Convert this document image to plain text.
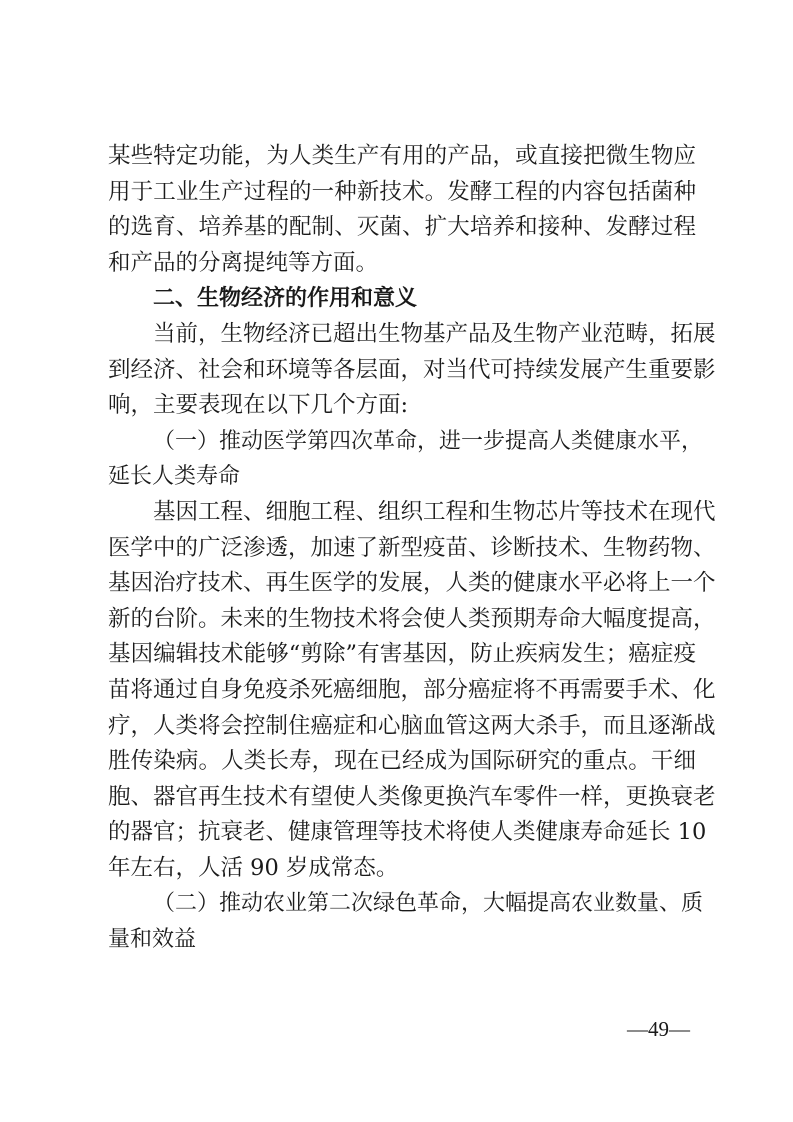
某些特定功能，为人类生产有用的产品，或直接把微生物应
用于工业生产过程的一种新技术。发酵工程的内容包括菌种
的选育、培养基的配制、灭菌、扩大培养和接种、发酵过程
和产品的分离提纯等方面。
二、生物经济的作用和意义
当前，生物经济已超出生物基产品及生物产业范畴，拓展
到经济、社会和环境等各层面，对当代可持续发展产生重要影
响，主要表现在以下几个方面:
（一）推动医学第四次革命，进一步提高人类健康水平，
延长人类寿命
基因工程、细胞工程、组织工程和生物芯片等技术在现代
医学中的广泛渗透，加速了新型疫苗、诊断技术、生物药物、
基因治疗技术、再生医学的发展，人类的健康水平必将上一个
新的台阶。未来的生物技术将会使人类预期寿命大幅度提高，
基因编辑技术能够“剪除”有害基因，防止疾病发生；癌症疫
苗将通过自身免疫杀死癌细胞，部分癌症将不再需要手术、化
疗，人类将会控制住癌症和心脑血管这两大杀手，而且逐渐战
胜传染病。人类长寿，现在已经成为国际研究的重点。干细
胞、器官再生技术有望使人类像更换汽车零件一样，更换衰老
的器官；抗衰老、健康管理等技术将使人类健康寿命延长 10
年左右，人活 90 岁成常态。
（二）推动农业第二次绿色革命，大幅提高农业数量、质
量和效益
—49—
